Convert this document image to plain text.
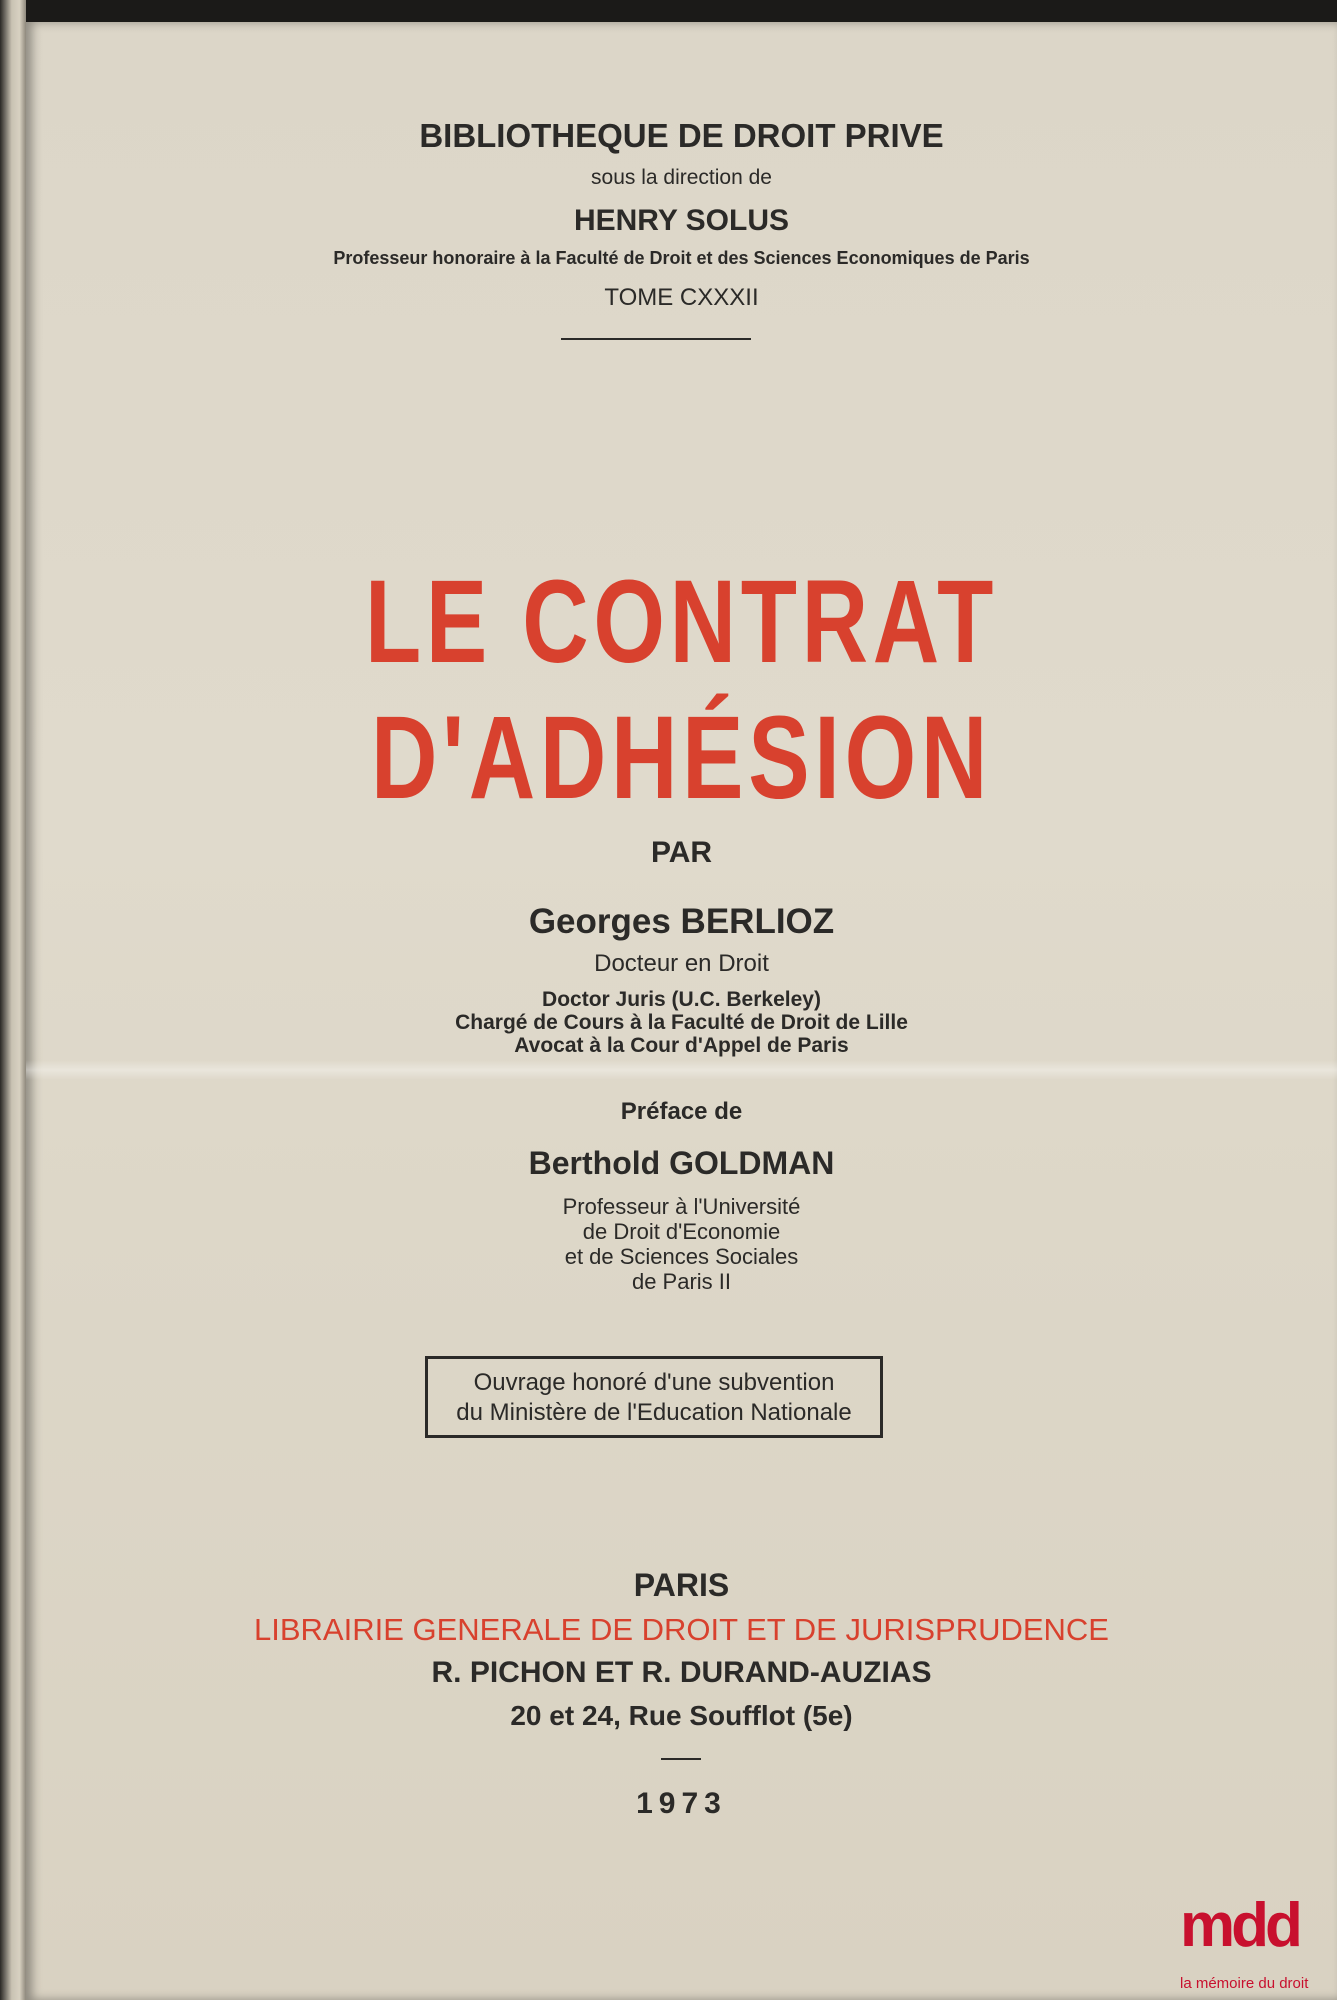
BIBLIOTHEQUE DE DROIT PRIVE
sous la direction de
HENRY SOLUS
Professeur honoraire à la Faculté de Droit et des Sciences Economiques de Paris
TOME CXXXII
LE CONTRAT
D'ADHÉSION
PAR
Georges BERLIOZ
Docteur en Droit
Doctor Juris (U.C. Berkeley)
Chargé de Cours à la Faculté de Droit de Lille
Avocat à la Cour d'Appel de Paris
Préface de
Berthold GOLDMAN
Professeur à l'Université
de Droit d'Economie
et de Sciences Sociales
de Paris II
Ouvrage honoré d'une subvention
du Ministère de l'Education Nationale
PARIS
LIBRAIRIE GENERALE DE DROIT ET DE JURISPRUDENCE
R. PICHON ET R. DURAND-AUZIAS
20 et 24, Rue Soufflot (5e)
1973
mdd
la mémoire du droit
